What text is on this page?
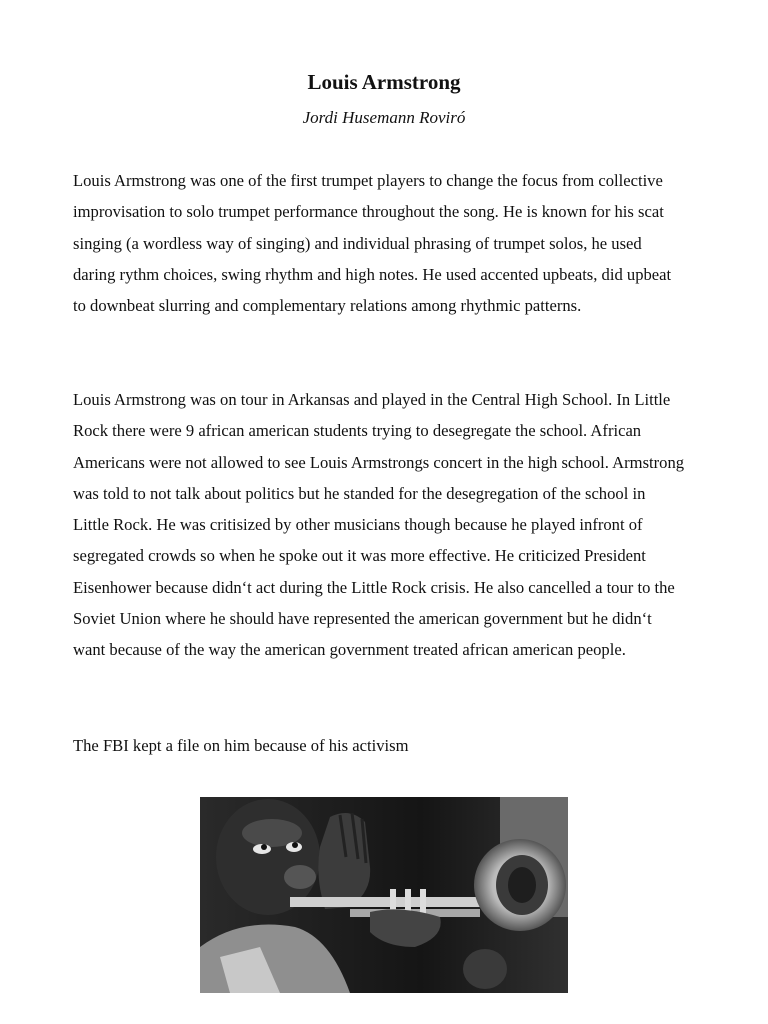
Louis Armstrong
Jordi Husemann Roviró

Louis Armstrong was one of the first trumpet players to change the focus from collective improvisation to solo trumpet performance throughout the song. He is known for his scat singing (a wordless way of singing) and individual phrasing of trumpet solos, he used daring rythm choices, swing rhythm and high notes. He used accented upbeats, did upbeat to downbeat slurring and complementary relations among rhythmic patterns.

Louis Armstrong was on tour in Arkansas and played in the Central High School. In Little Rock there were 9 african american students trying to desegregate the school. African Americans were not allowed to see Louis Armstrongs concert in the high school. Armstrong was told to not talk about politics but he standed for the desegregation of the school in Little Rock. He was critisized by other musicians though because he played infront of segregated crowds so when he spoke out it was more effective. He criticized President Eisenhower because didn‘t act during the Little Rock crisis. He also cancelled a tour to the Soviet Union where he should have represented the american government but he didn‘t want because of the way the american government treated african american people.

The FBI kept a file on him because of his activism
